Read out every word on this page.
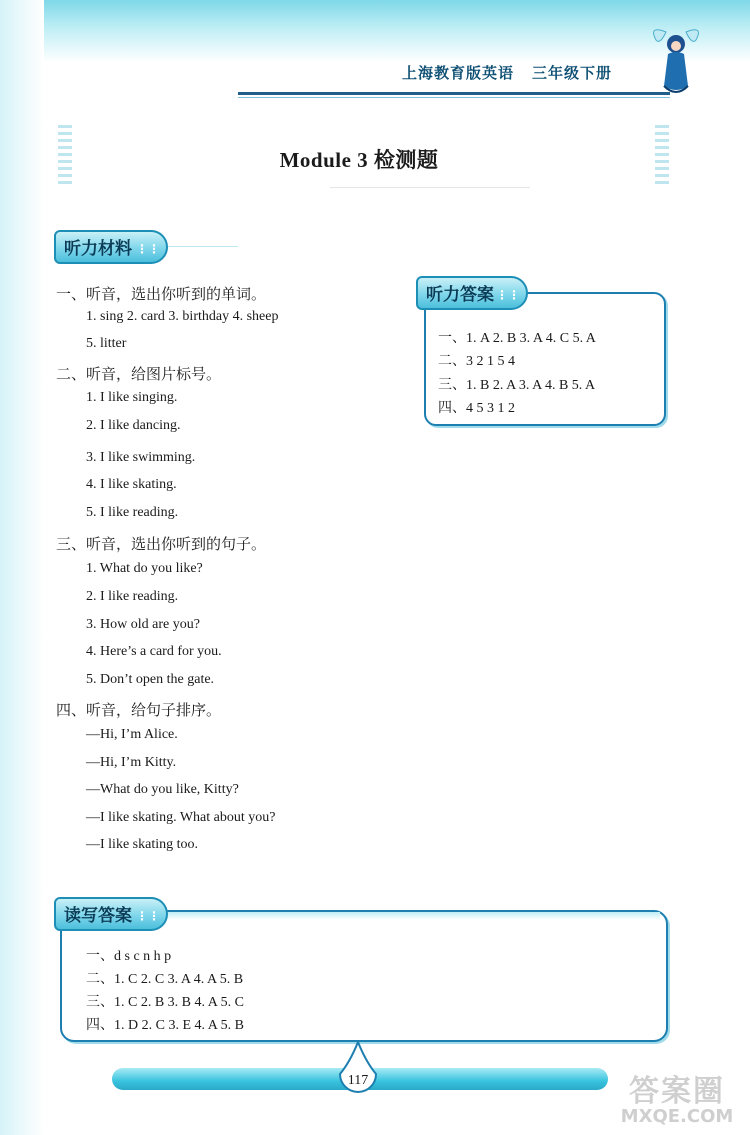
上海教育版英语 三年级下册
Module 3 检测题
听力材料 ⋮⋮
一、听音，选出你听到的单词。
1. sing 2. card 3. birthday 4. sheep
5. litter
二、听音，给图片标号。
1. I like singing.
2. I like dancing.
3. I like swimming.
4. I like skating.
5. I like reading.
三、听音，选出你听到的句子。
1. What do you like?
2. I like reading.
3. How old are you?
4. Here’s a card for you.
5. Don’t open the gate.
四、听音，给句子排序。
—Hi, I’m Alice.
—Hi, I’m Kitty.
—What do you like, Kitty?
—I like skating. What about you?
—I like skating too.
听力答案 ⋮⋮
一、1. A 2. B 3. A 4. C 5. A
二、3 2 1 5 4
三、1. B 2. A 3. A 4. B 5. A
四、4 5 3 1 2
读写答案 ⋮⋮
一、d s c n h p
二、1. C 2. C 3. A 4. A 5. B
三、1. C 2. B 3. B 4. A 5. C
四、1. D 2. C 3. E 4. A 5. B
117	答案圈
MXQE.COM
